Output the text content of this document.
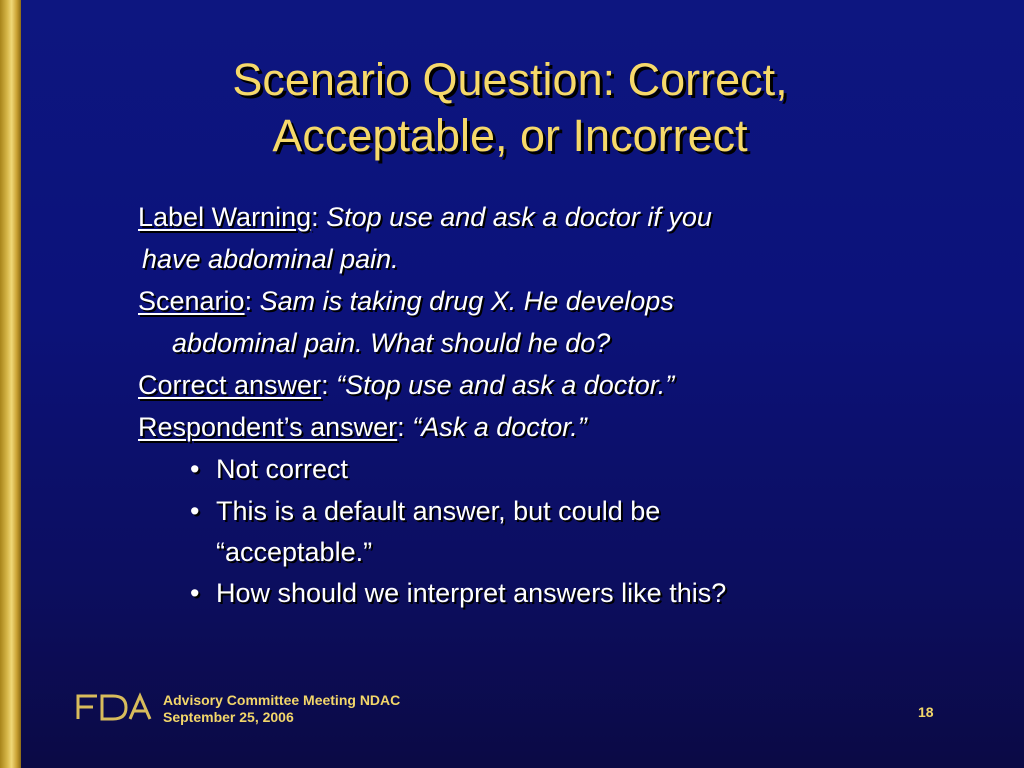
Scenario Question: Correct,
Acceptable, or Incorrect
Label Warning: Stop use and ask a doctor if you
have abdominal pain.
Scenario: Sam is taking drug X. He develops
abdominal pain. What should he do?
Correct answer: “Stop use and ask a doctor.”
Respondent’s answer: “Ask a doctor.”
• Not correct
• This is a default answer, but could be
“acceptable.”
• How should we interpret answers like this?
Advisory Committee Meeting NDAC
September 25, 2006	18
